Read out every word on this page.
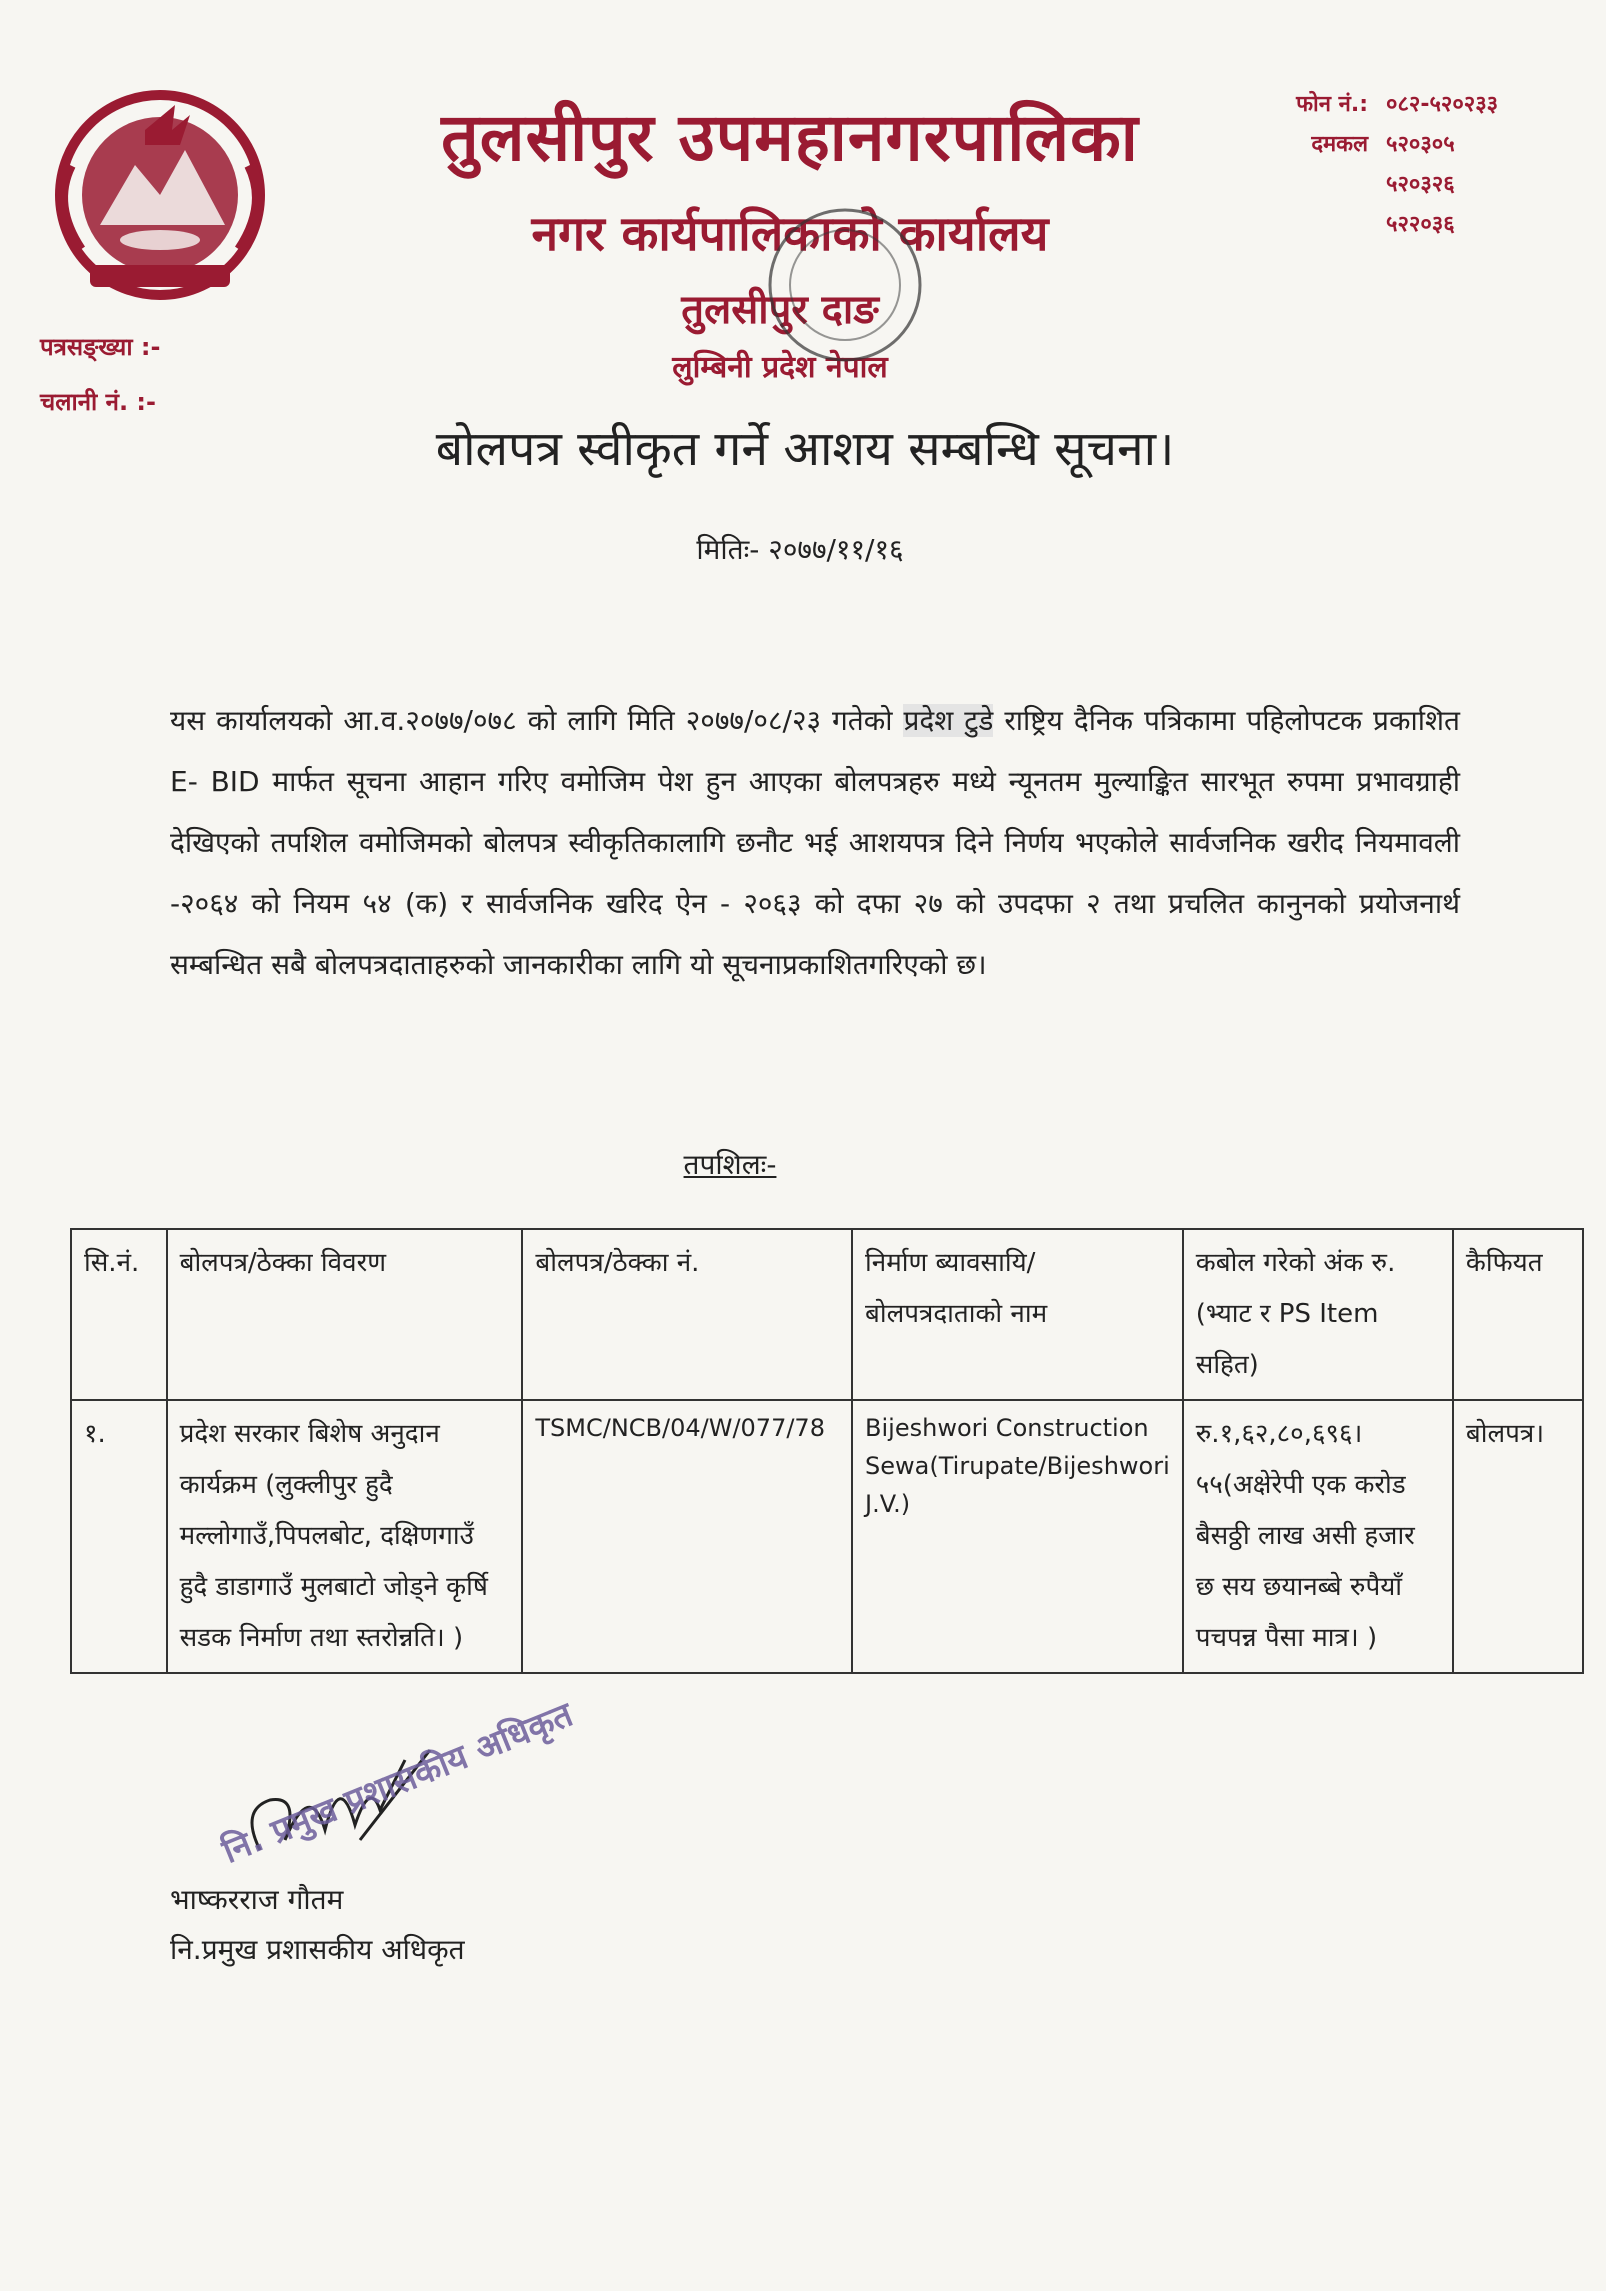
तुलसीपुर उपमहानगरपालिका
नगर कार्यपालिकाको कार्यालय
तुलसीपुर दाङ
लुम्बिनी प्रदेश नेपाल
फोन नं.: ०८२-५२०२३३
दमकल ५२०३०५
५२०३२६
५२२०३६
पत्रसङ्ख्या :-
चलानी नं. :-
बोलपत्र स्वीकृत गर्ने आशय सम्बन्धि सूचना।
मितिः- २०७७/११/१६
यस कार्यालयको आ.व.२०७७/०७८ को लागि मिति २०७७/०८/२३ गतेको प्रदेश टुडे राष्ट्रिय दैनिक पत्रिकामा पहिलोपटक प्रकाशित E- BID मार्फत सूचना आहान गरिए वमोजिम पेश हुन आएका बोलपत्रहरु मध्ये न्यूनतम मुल्याङ्कित सारभूत रुपमा प्रभावग्राही देखिएको तपशिल वमोजिमको बोलपत्र स्वीकृतिकालागि छनौट भई आशयपत्र दिने निर्णय भएकोले सार्वजनिक खरीद नियमावली -२०६४ को नियम ५४ (क) र सार्वजनिक खरिद ऐन - २०६३ को दफा २७ को उपदफा २ तथा प्रचलित कानुनको प्रयोजनार्थ सम्बन्धित सबै बोलपत्रदाताहरुको जानकारीका लागि यो सूचनाप्रकाशितगरिएको छ।
तपशिलः-
सि.नं.	बोलपत्र/ठेक्का विवरण	बोलपत्र/ठेक्का नं.	निर्माण ब्यावसायि/ बोलपत्रदाताको नाम	कबोल गरेको अंक रु.(भ्याट र PS Item सहित)	कैफियत
१.	प्रदेश सरकार बिशेष अनुदान कार्यक्रम (लुक्लीपुर हुदै मल्लोगाउँ,पिपलबोट, दक्षिणगाउँ हुदै डाडागाउँ मुलबाटो जोड्ने कृर्षि सडक निर्माण तथा स्तरोन्नति। )	TSMC/NCB/04/W/077/78	Bijeshwori Construction Sewa(Tirupate/Bijeshwori J.V.)	रु.१,६२,८०,६९६।५५(अक्षेरेपी एक करोड बैसठ्ठी लाख असी हजार छ सय छयानब्बे रुपैयाँ पचपन्न पैसा मात्र। )	बोलपत्र।
नि. प्रमुख प्रशासकीय अधिकृत
भाष्करराज गौतम
नि.प्रमुख प्रशासकीय अधिकृत
